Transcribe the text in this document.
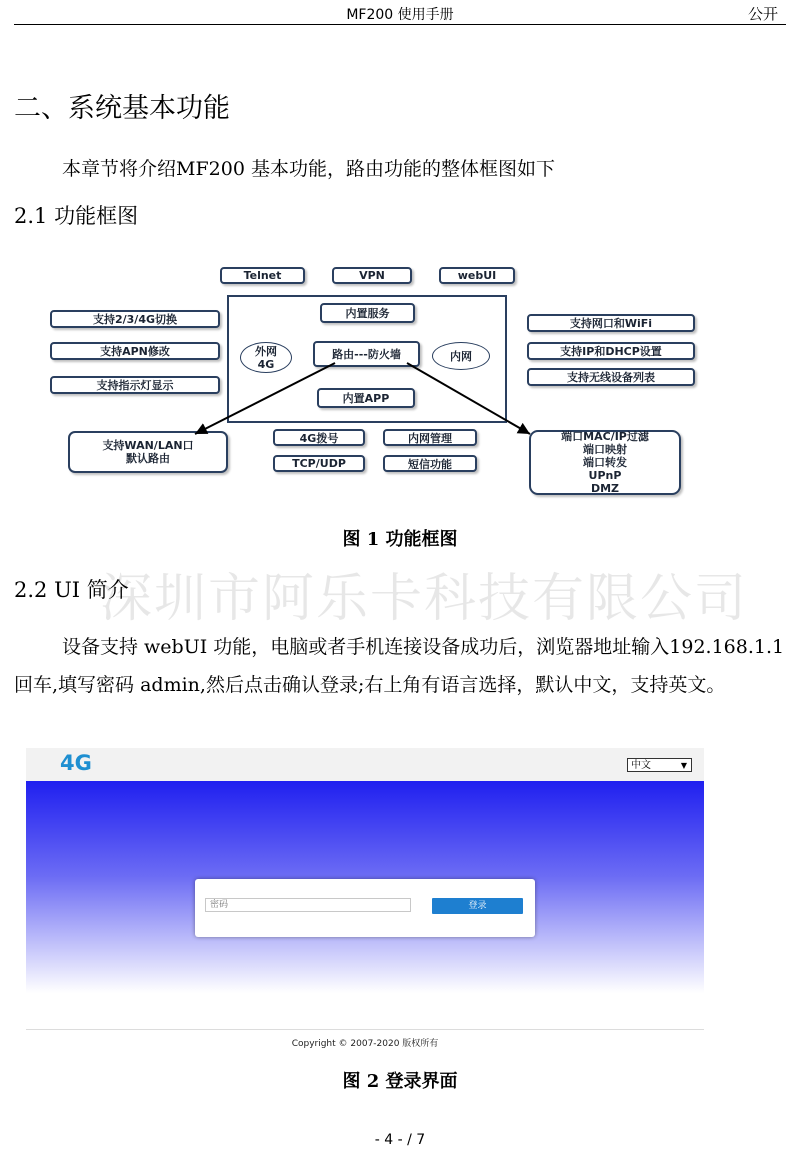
MF200 使用手册	公开
二、系统基本功能
本章节将介绍MF200 基本功能，路由功能的整体框图如下
2.1 功能框图
Telnet	VPN	webUI
内置服务
外网
4G
路由---防火墙	内网
内置APP
支持2/3/4G切换
支持APN修改
支持指示灯显示
支持网口和WiFi
支持IP和DHCP设置
支持无线设备列表
支持WAN/LAN口
默认路由
4G拨号	内网管理
TCP/UDP	短信功能
端口MAC/IP过滤
端口映射
端口转发
UPnP
DMZ
图 1 功能框图
深圳市阿乐卡科技有限公司
2.2 UI 简介
设备支持 webUI 功能，电脑或者手机连接设备成功后，浏览器地址输入192.168.1.1 回车,填写密码 admin,然后点击确认登录;右上角有语言选择，默认中文，支持英文。
4G	中文	▼
登录
Copyright © 2007-2020 版权所有
图 2 登录界面
- 4 - / 7
